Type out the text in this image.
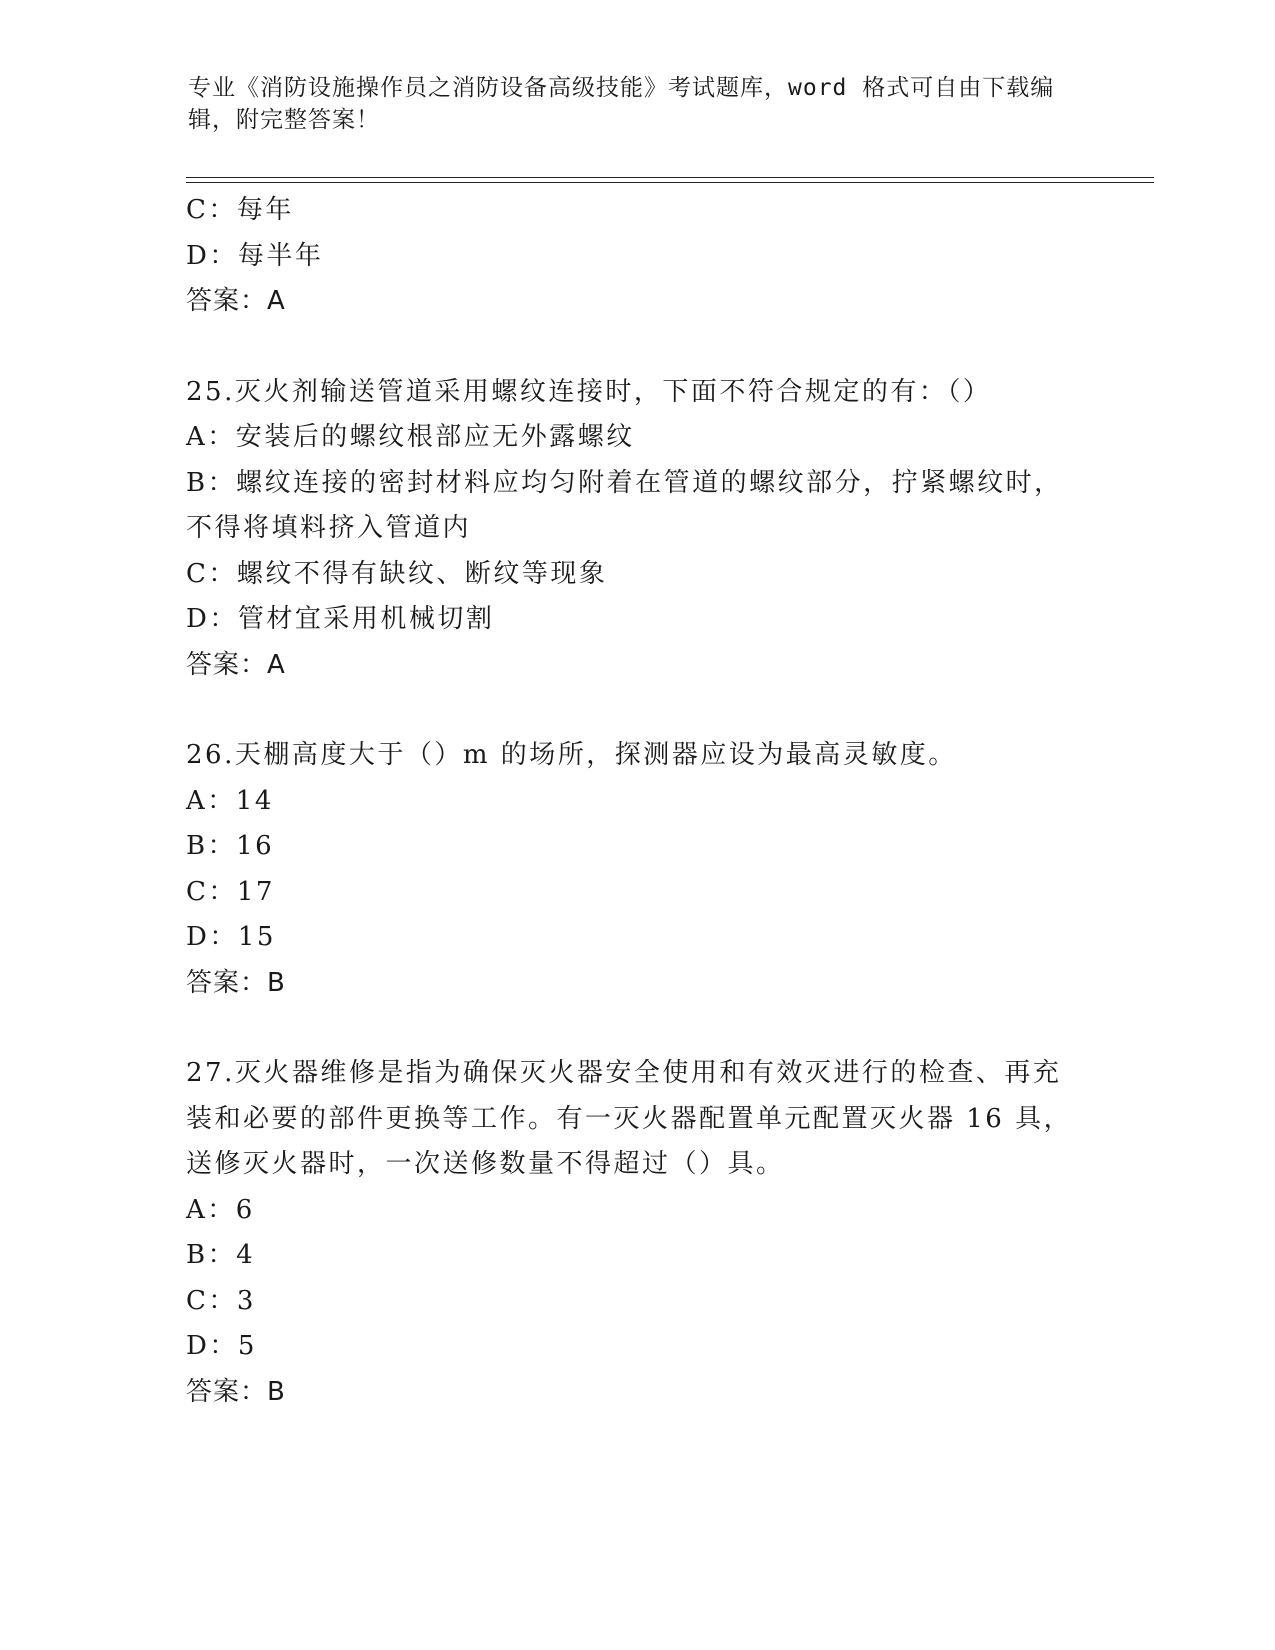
专业《消防设施操作员之消防设备高级技能》考试题库，word 格式可自由下载编
辑，附完整答案！
C：每年
D：每半年
答案：A
25.灭火剂输送管道采用螺纹连接时，下面不符合规定的有：（）
A：安装后的螺纹根部应无外露螺纹
B：螺纹连接的密封材料应均匀附着在管道的螺纹部分，拧紧螺纹时，
不得将填料挤入管道内
C：螺纹不得有缺纹、断纹等现象
D：管材宜采用机械切割
答案：A
26.天棚高度大于（）m 的场所，探测器应设为最高灵敏度。
A：14
B：16
C：17
D：15
答案：B
27.灭火器维修是指为确保灭火器安全使用和有效灭进行的检查、再充
装和必要的部件更换等工作。有一灭火器配置单元配置灭火器 16 具，
送修灭火器时，一次送修数量不得超过（）具。
A：6
B：4
C：3
D：5
答案：B
